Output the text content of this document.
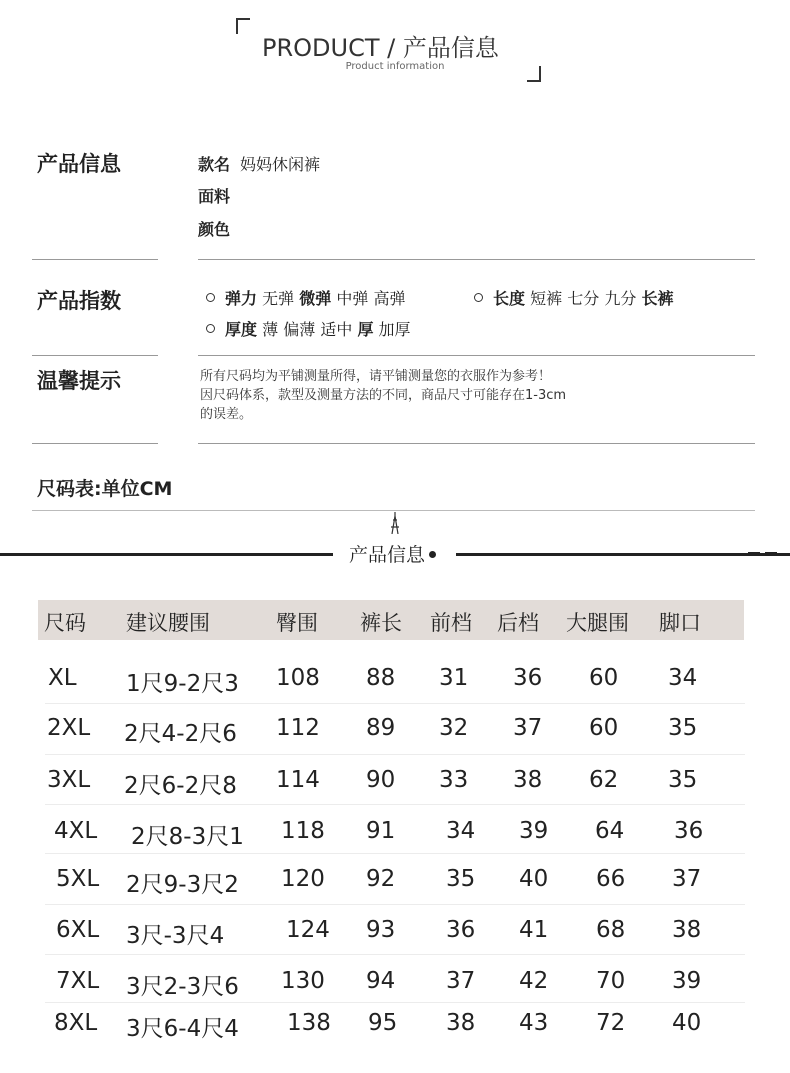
PRODUCT / 产品信息
Product information
产品信息	款名 妈妈休闲裤
面料
颜色
产品指数	弹力 无弹 微弹 中弹 高弹	长度 短裤 七分 九分 长裤
厚度 薄 偏薄 适中 厚 加厚
温馨提示	所有尺码均为平铺测量所得，请平铺测量您的衣服作为参考！
因尺码体系，款型及测量方法的不同，商品尺寸可能存在1-3cm
的误差。
尺码表:单位CM
产品信息
尺码 建议腰围	臀围 裤长 前档 后档 大腿围 脚口
XL 1尺9-2尺3 108 88 31 36 60 34
2XL 2尺4-2尺6 112 89 32 37 60 35
3XL 2尺6-2尺8 114 90 33 38 62 35
4XL 2尺8-3尺1 118 91 34 39 64 36
5XL 2尺9-3尺2 120 92 35 40 66 37
6XL 3尺-3尺4	124 93 36 41 68 38
7XL 3尺2-3尺6 130 94 37 42 70 39
8XL 3尺6-4尺4 138 95 38 43 72 40
